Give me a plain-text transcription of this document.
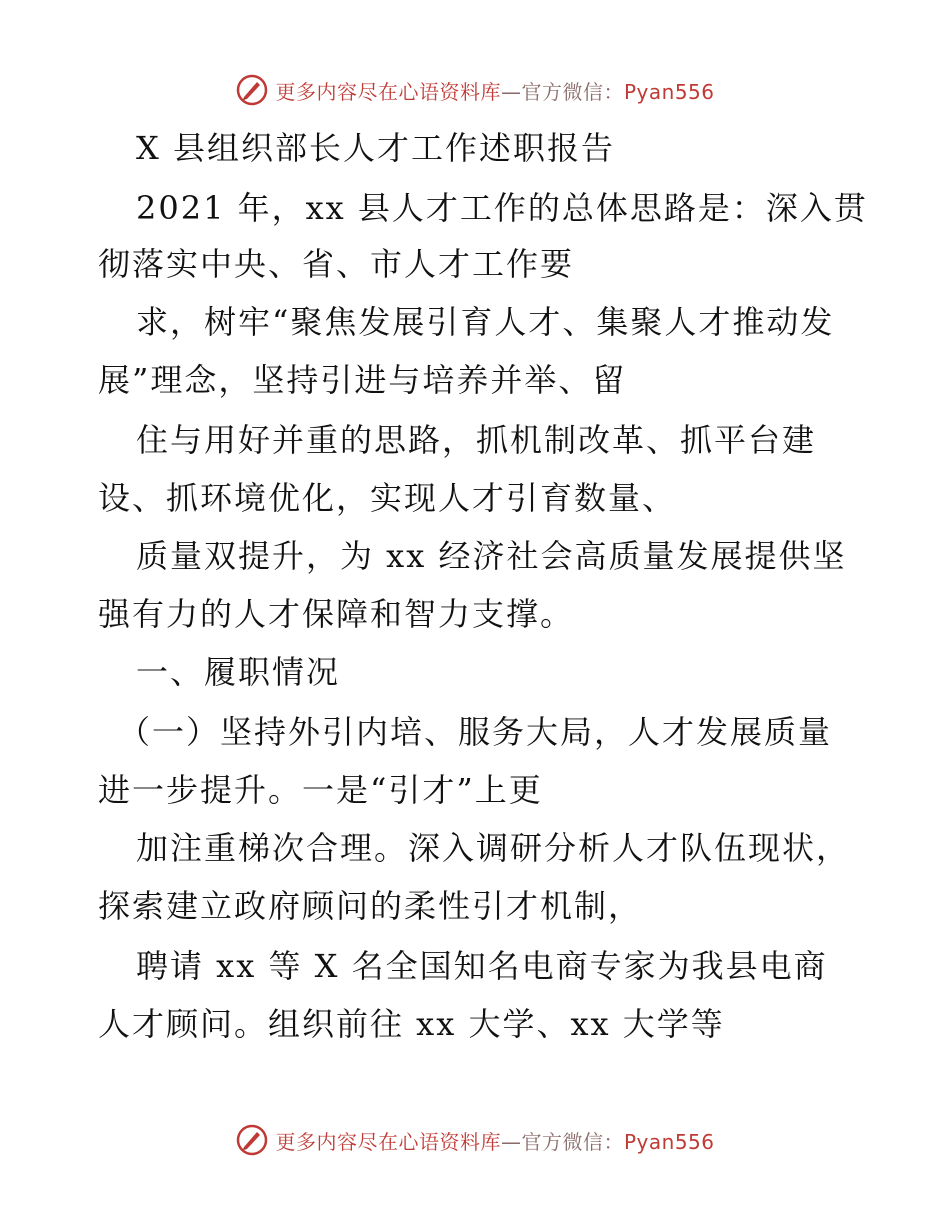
更多内容尽在心语资料库—官方微信：Pyan556
X 县组织部长人才工作述职报告
2021 年，xx 县人才工作的总体思路是：深入贯
彻落实中央、省、市人才工作要
求，树牢“聚焦发展引育人才、集聚人才推动发
展”理念，坚持引进与培养并举、留
住与用好并重的思路，抓机制改革、抓平台建
设、抓环境优化，实现人才引育数量、
质量双提升，为 xx 经济社会高质量发展提供坚
强有力的人才保障和智力支撑。
一、履职情况
（一）坚持外引内培、服务大局，人才发展质量
进一步提升。一是“引才”上更
加注重梯次合理。深入调研分析人才队伍现状，
探索建立政府顾问的柔性引才机制，
聘请 xx 等 X 名全国知名电商专家为我县电商
人才顾问。组织前往 xx 大学、xx 大学等
更多内容尽在心语资料库—官方微信：Pyan556
